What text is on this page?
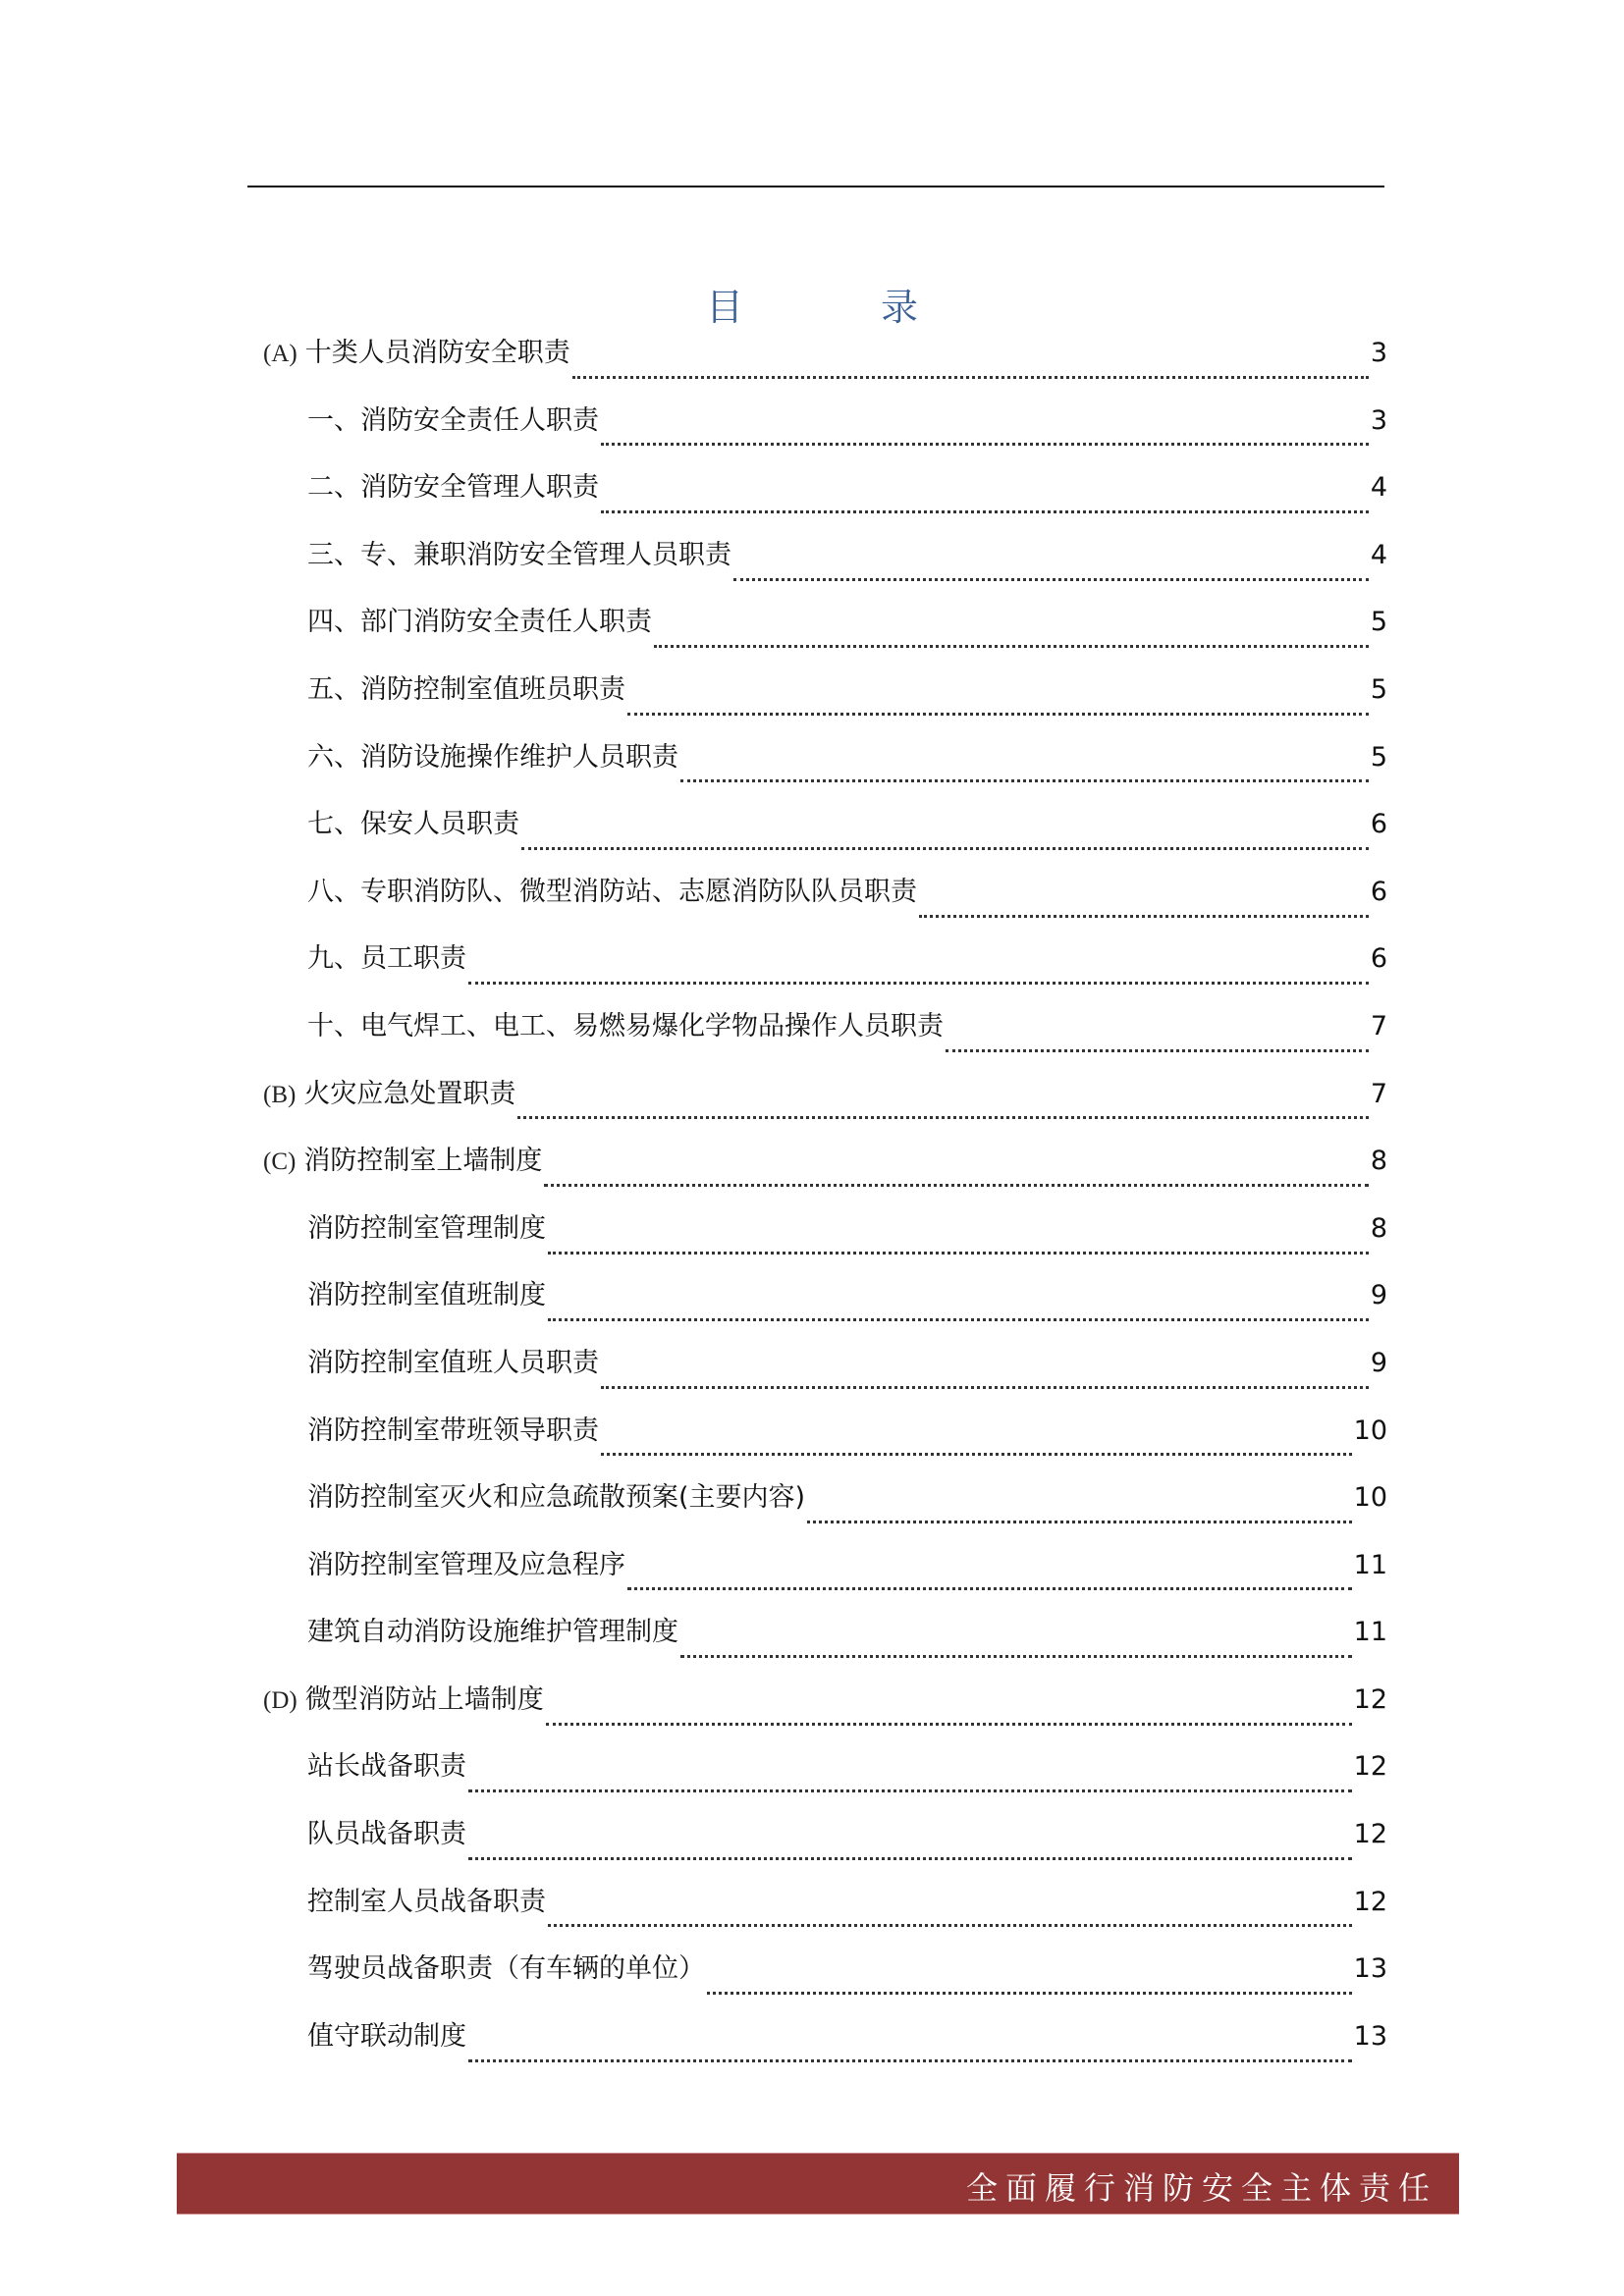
目	录
(A) 十类人员消防安全职责	3
一、消防安全责任人职责	3
二、消防安全管理人职责	4
三、专、兼职消防安全管理人员职责	4
四、部门消防安全责任人职责	5
五、消防控制室值班员职责	5
六、消防设施操作维护人员职责	5
七、保安人员职责	6
八、专职消防队、微型消防站、志愿消防队队员职责	6
九、员工职责	6
十、电气焊工、电工、易燃易爆化学物品操作人员职责	7
(B) 火灾应急处置职责	7
(C) 消防控制室上墙制度	8
消防控制室管理制度	8
消防控制室值班制度	9
消防控制室值班人员职责	9
消防控制室带班领导职责	10
消防控制室灭火和应急疏散预案(主要内容)	10
消防控制室管理及应急程序	11
建筑自动消防设施维护管理制度	11
(D) 微型消防站上墙制度	12
站长战备职责	12
队员战备职责	12
控制室人员战备职责	12
驾驶员战备职责（有车辆的单位）	13
值守联动制度	13
全面履行消防安全主体责任
